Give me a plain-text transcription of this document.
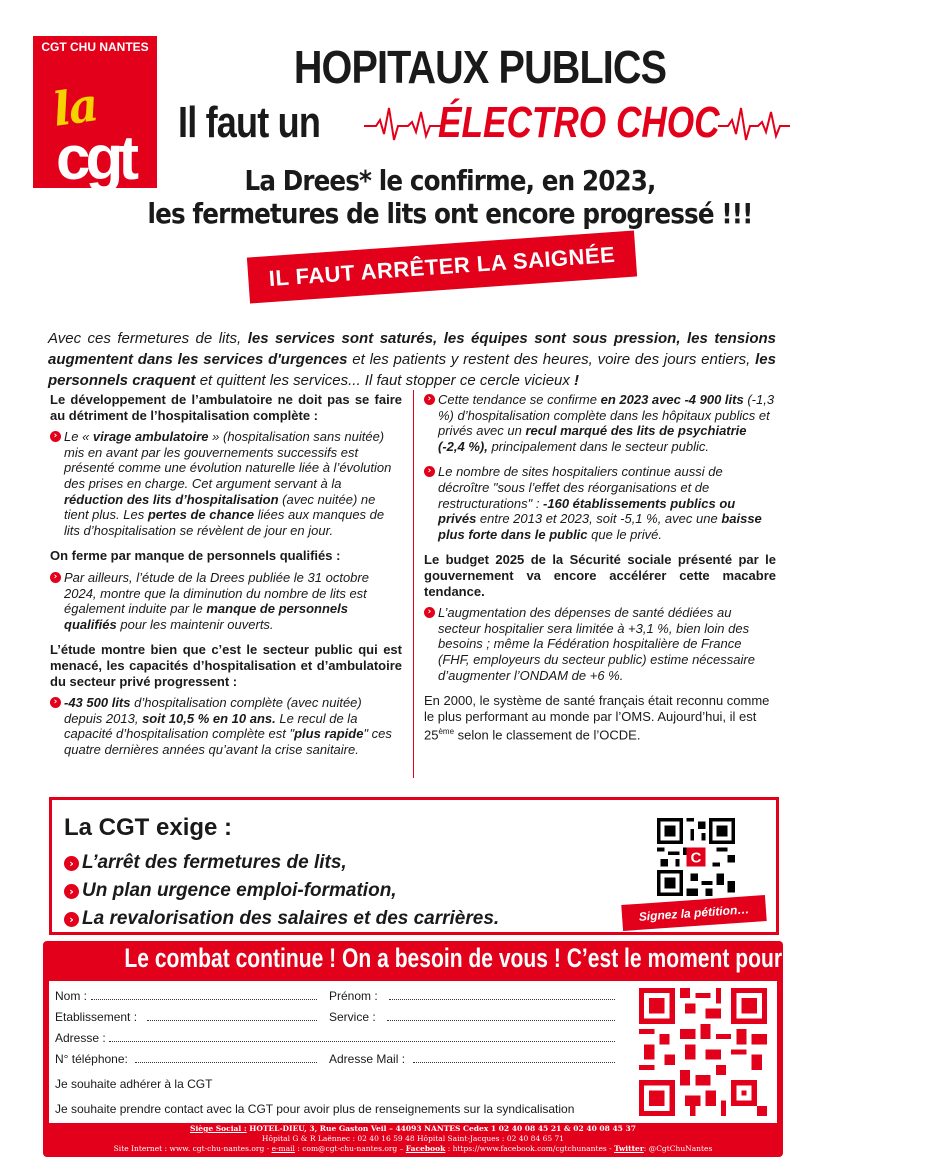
CGT CHU NANTES
la
cgt
HOPITAUX PUBLICS
Il faut un	ÉLECTRO CHOC
La Drees* le confirme, en 2023,
les fermetures de lits ont encore progressé !!!
IL FAUT ARRÊTER LA SAIGNÉE
Avec ces fermetures de lits, les services sont saturés, les équipes sont sous pression, les tensions augmentent dans les services d'urgences et les patients y restent des heures, voire des jours entiers, les personnels craquent et quittent les services... Il faut stopper ce cercle vicieux !

Le développement de l’ambulatoire ne doit pas se faire au détriment de l’hospitalisation complète :

› Le « virage ambulatoire » (hospitalisation sans nuitée) mis en avant par les gouvernements successifs est présenté comme une évolution naturelle liée à l’évolution des prises en charge. Cet argument servant à la réduction des lits d’hospitalisation (avec nuitée) ne tient plus. Les pertes de chance liées aux manques de lits d’hospitalisation se révèlent de jour en jour.

On ferme par manque de personnels qualifiés :

› Par ailleurs, l’étude de la Drees publiée le 31 octobre 2024, montre que la diminution du nombre de lits est également induite par le manque de personnels qualifiés pour les maintenir ouverts.

L’étude montre bien que c’est le secteur public qui est menacé, les capacités d’hospitalisation et d’ambulatoire du secteur privé progressent :

› -43 500 lits d’hospitalisation complète (avec nuitée) depuis 2013, soit 10,5 % en 10 ans. Le recul de la capacité d’hospitalisation complète est "plus rapide" ces quatre dernières années qu’avant la crise sanitaire.
› Cette tendance se confirme en 2023 avec -4 900 lits (-1,3 %) d’hospitalisation complète dans les hôpitaux publics et privés avec un recul marqué des lits de psychiatrie (-2,4 %), principalement dans le secteur public.
› Le nombre de sites hospitaliers continue aussi de décroître "sous l’effet des réorganisations et de restructurations" : -160 établissements publics ou privés entre 2013 et 2023, soit -5,1 %, avec une baisse plus forte dans le public que le privé.

Le budget 2025 de la Sécurité sociale présenté par le gouvernement va encore accélérer cette macabre tendance.

› L’augmentation des dépenses de santé dédiées au secteur hospitalier sera limitée à +3,1 %, bien loin des besoins ; même la Fédération hospitalière de France (FHF, employeurs du secteur public) estime nécessaire d’augmenter l’ONDAM de +6 %.

En 2000, le système de santé français était reconnu comme le plus performant au monde par l’OMS. Aujourd’hui, il est 25ème selon le classement de l’OCDE.

La CGT exige :
› L’arrêt des fermetures de lits,
› Un plan urgence emploi-formation,
› La revalorisation des salaires et des carrières.
C
Signez la pétition…
Le combat continue ! On a besoin de vous ! C’est le moment pour se syndiquer !
Nom :	Prénom :
Etablissement :	Service :
Adresse :
N° téléphone:	Adresse Mail :
Je souhaite adhérer à la CGT
Je souhaite prendre contact avec la CGT pour avoir plus de renseignements sur la syndicalisation
Siège Social : HOTEL-DIEU, 3, Rue Gaston Veil – 44093 NANTES Cedex 1 02 40 08 45 21 & 02 40 08 45 37
Hôpital G & R Laënnec : 02 40 16 59 48 Hôpital Saint-Jacques : 02 40 84 65 71
Site Internet : www. cgt-chu-nantes.org - e-mail : com@cgt-chu-nantes.org – Facebook : https://www.facebook.com/cgtchunantes - Twitter: @CgtChuNantes
